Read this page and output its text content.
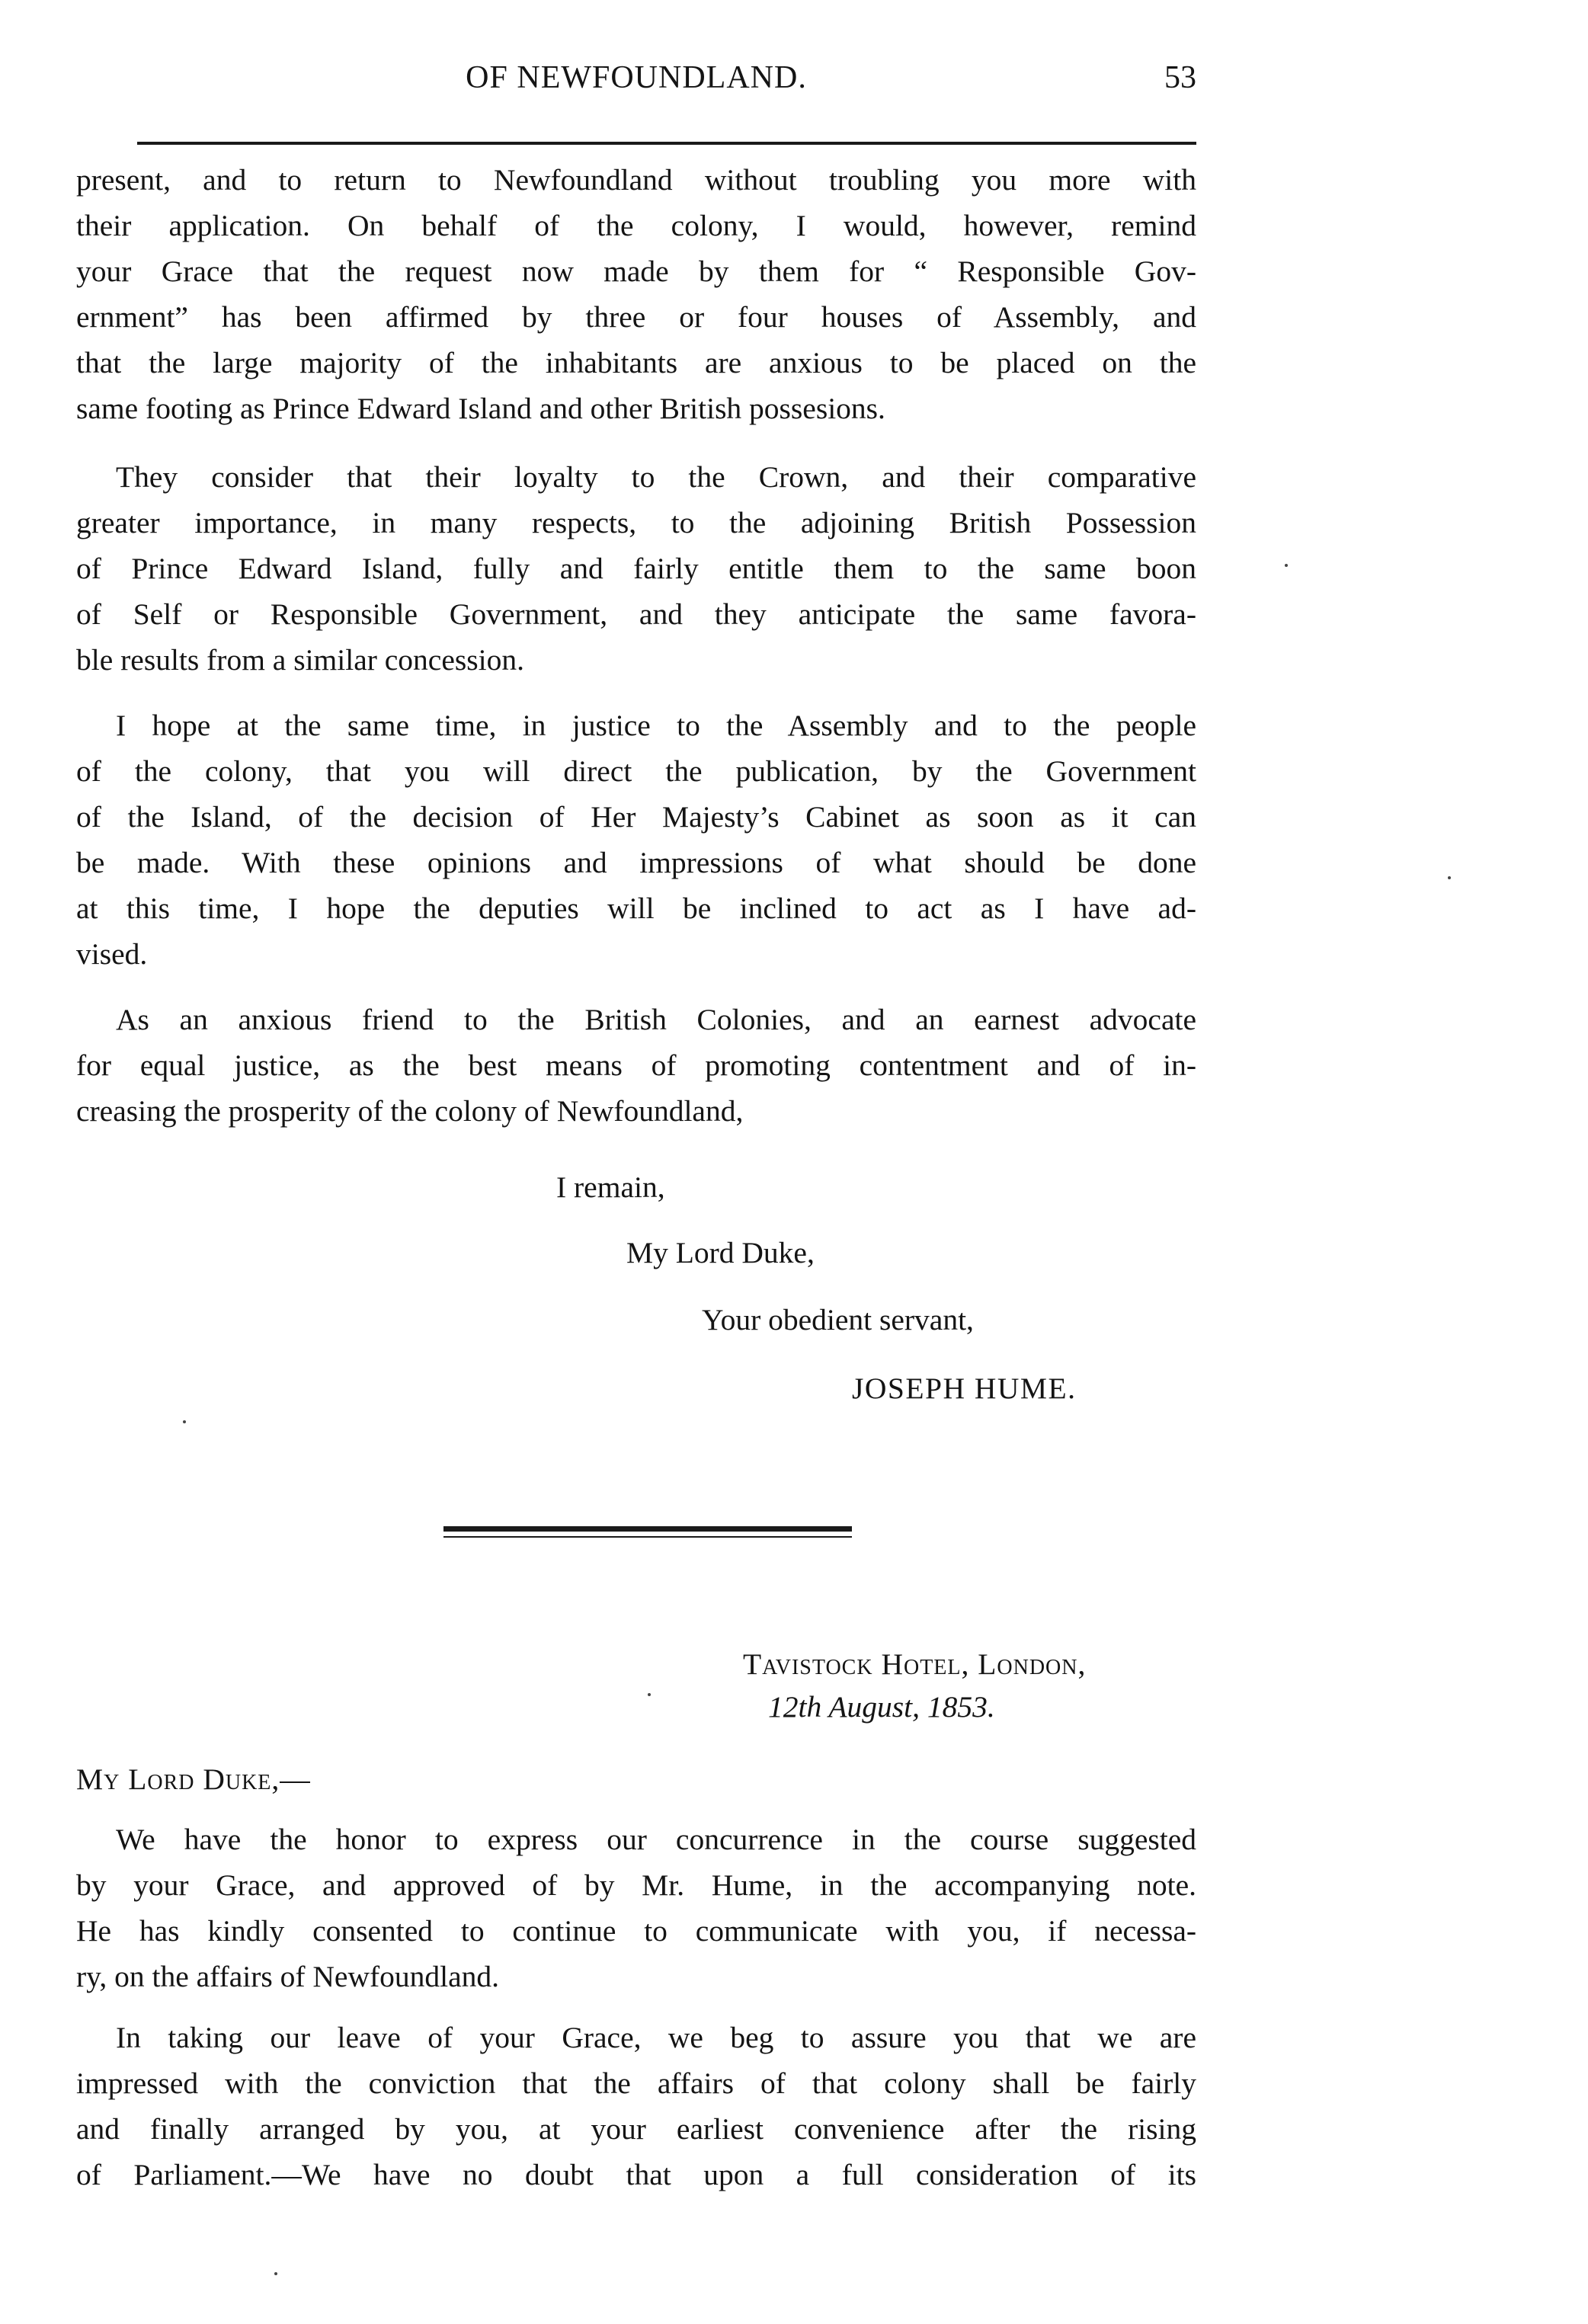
OF NEWFOUNDLAND.	53
present, and to return to Newfoundland without troubling you more with
their application. On behalf of the colony, I would, however, remind
your Grace that the request now made by them for “ Responsible Gov-
ernment” has been affirmed by three or four houses of Assembly, and
that the large majority of the inhabitants are anxious to be placed on the
same footing as Prince Edward Island and other British possesions.
They consider that their loyalty to the Crown, and their comparative
greater importance, in many respects, to the adjoining British Possession
of Prince Edward Island, fully and fairly entitle them to the same boon
of Self or Responsible Government, and they anticipate the same favora-
ble results from a similar concession.
I hope at the same time, in justice to the Assembly and to the people
of the colony, that you will direct the publication, by the Government
of the Island, of the decision of Her Majesty’s Cabinet as soon as it can
be made. With these opinions and impressions of what should be done
at this time, I hope the deputies will be inclined to act as I have ad-
vised.
As an anxious friend to the British Colonies, and an earnest advocate
for equal justice, as the best means of promoting contentment and of in-
creasing the prosperity of the colony of Newfoundland,
I remain,
My Lord Duke,
Your obedient servant,
JOSEPH HUME.
Tavistock Hotel, London,
12th August, 1853.
My Lord Duke,—
We have the honor to express our concurrence in the course suggested
by your Grace, and approved of by Mr. Hume, in the accompanying note.
He has kindly consented to continue to communicate with you, if necessa-
ry, on the affairs of Newfoundland.
In taking our leave of your Grace, we beg to assure you that we are
impressed with the conviction that the affairs of that colony shall be fairly
and finally arranged by you, at your earliest convenience after the rising
of Parliament.—We have no doubt that upon a full consideration of its
